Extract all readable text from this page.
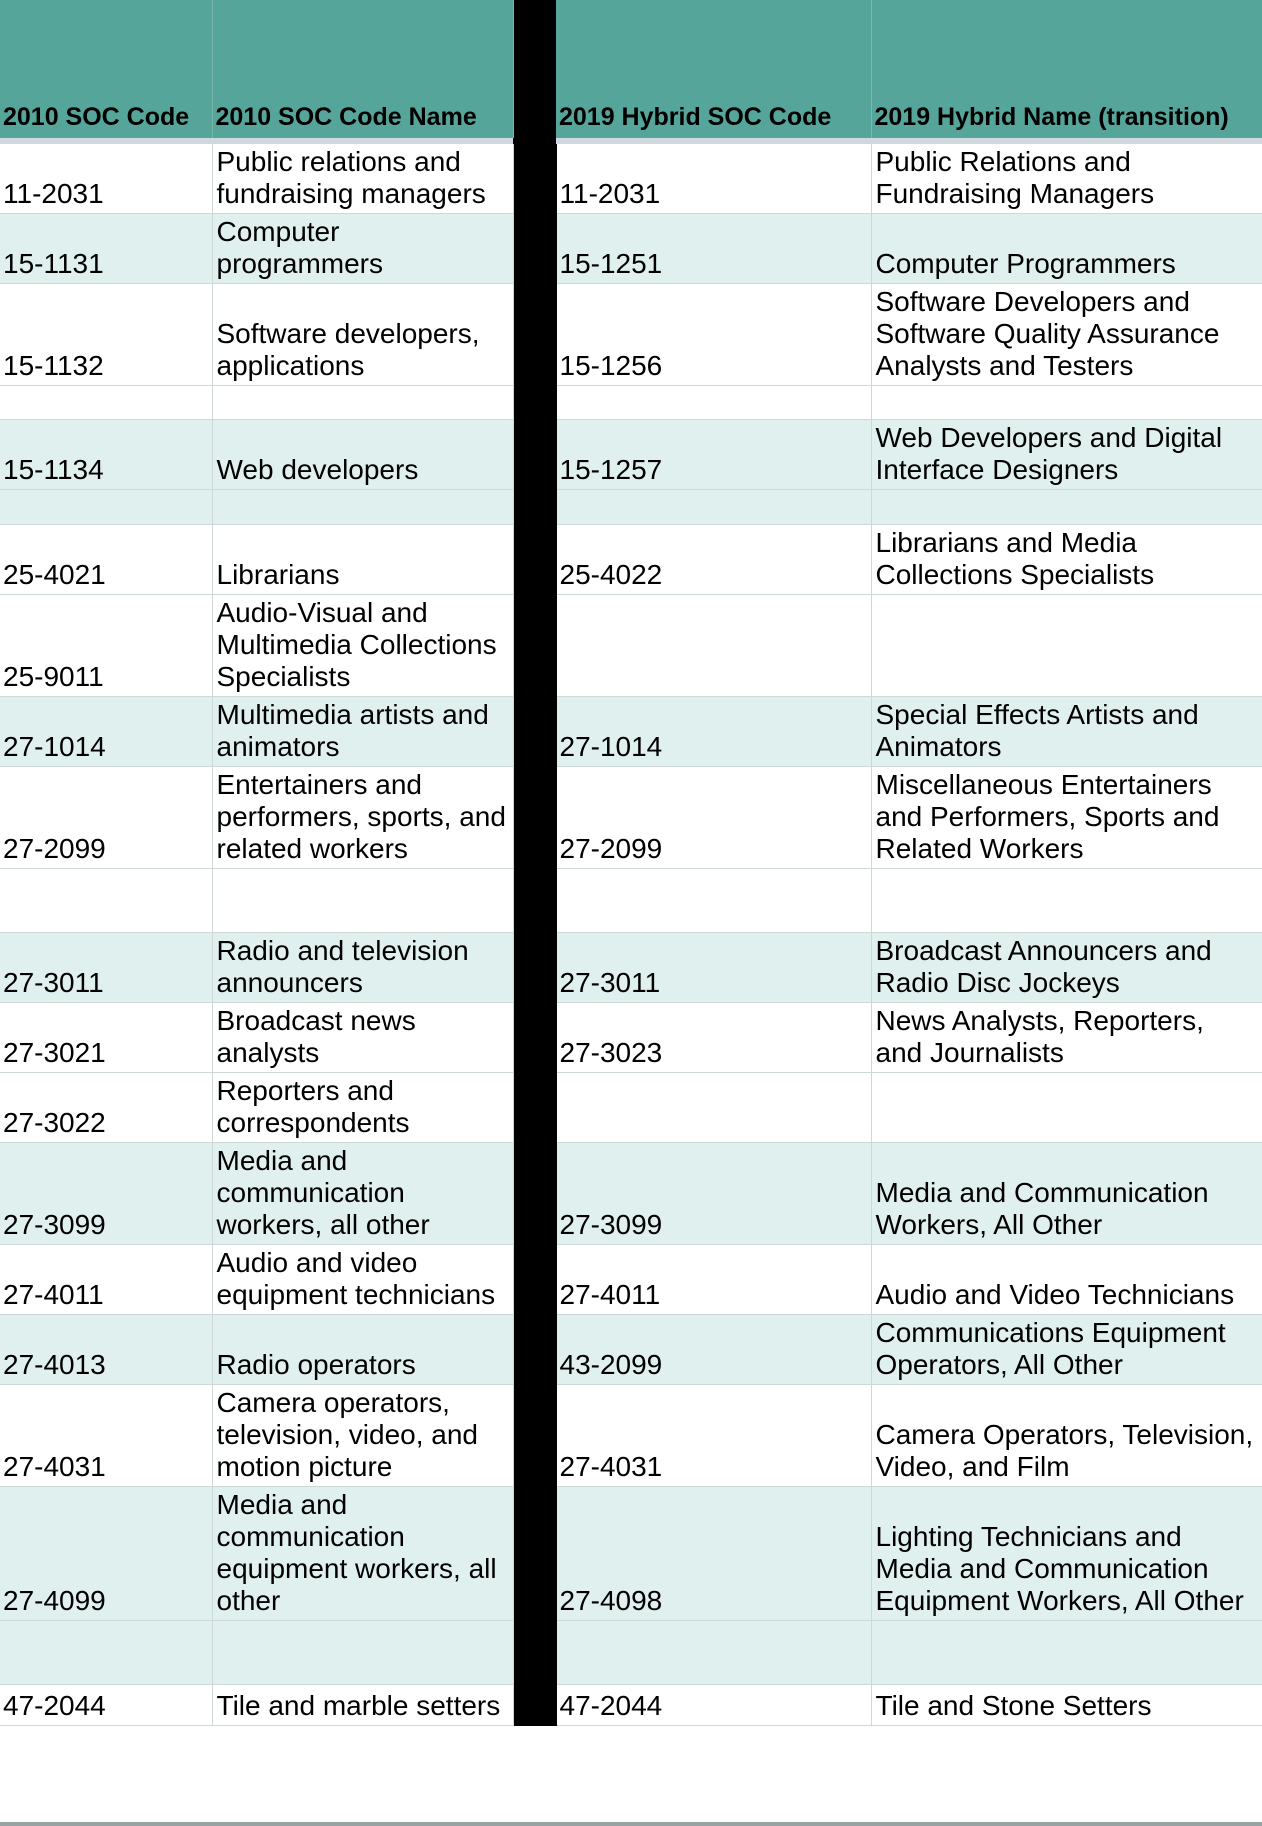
2010 SOC Code	2010 SOC Code Name		2019 Hybrid SOC Code	2019 Hybrid Name (transition)

11-2031	Public relations and fundraising managers		11-2031	Public Relations and Fundraising Managers
15-1131	Computer programmers		15-1251	Computer Programmers
15-1132	Software developers, applications		15-1256	Software Developers and Software Quality Assurance Analysts and Testers

15-1134	Web developers		15-1257	Web Developers and Digital Interface Designers

25-4021	Librarians		25-4022	Librarians and Media Collections Specialists
25-9011	Audio-Visual and Multimedia Collections Specialists			
27-1014	Multimedia artists and animators		27-1014	Special Effects Artists and Animators
27-2099	Entertainers and performers, sports, and related workers		27-2099	Miscellaneous Entertainers and Performers, Sports and Related Workers

27-3011	Radio and television announcers		27-3011	Broadcast Announcers and Radio Disc Jockeys
27-3021	Broadcast news analysts		27-3023	News Analysts, Reporters, and Journalists
27-3022	Reporters and correspondents			
27-3099	Media and communication workers, all other		27-3099	Media and Communication Workers, All Other
27-4011	Audio and video equipment technicians		27-4011	Audio and Video Technicians
27-4013	Radio operators		43-2099	Communications Equipment Operators, All Other
27-4031	Camera operators, television, video, and motion picture		27-4031	Camera Operators, Television, Video, and Film
27-4099	Media and communication equipment workers, all other		27-4098	Lighting Technicians and Media and Communication Equipment Workers, All Other

47-2044	Tile and marble setters		47-2044	Tile and Stone Setters
